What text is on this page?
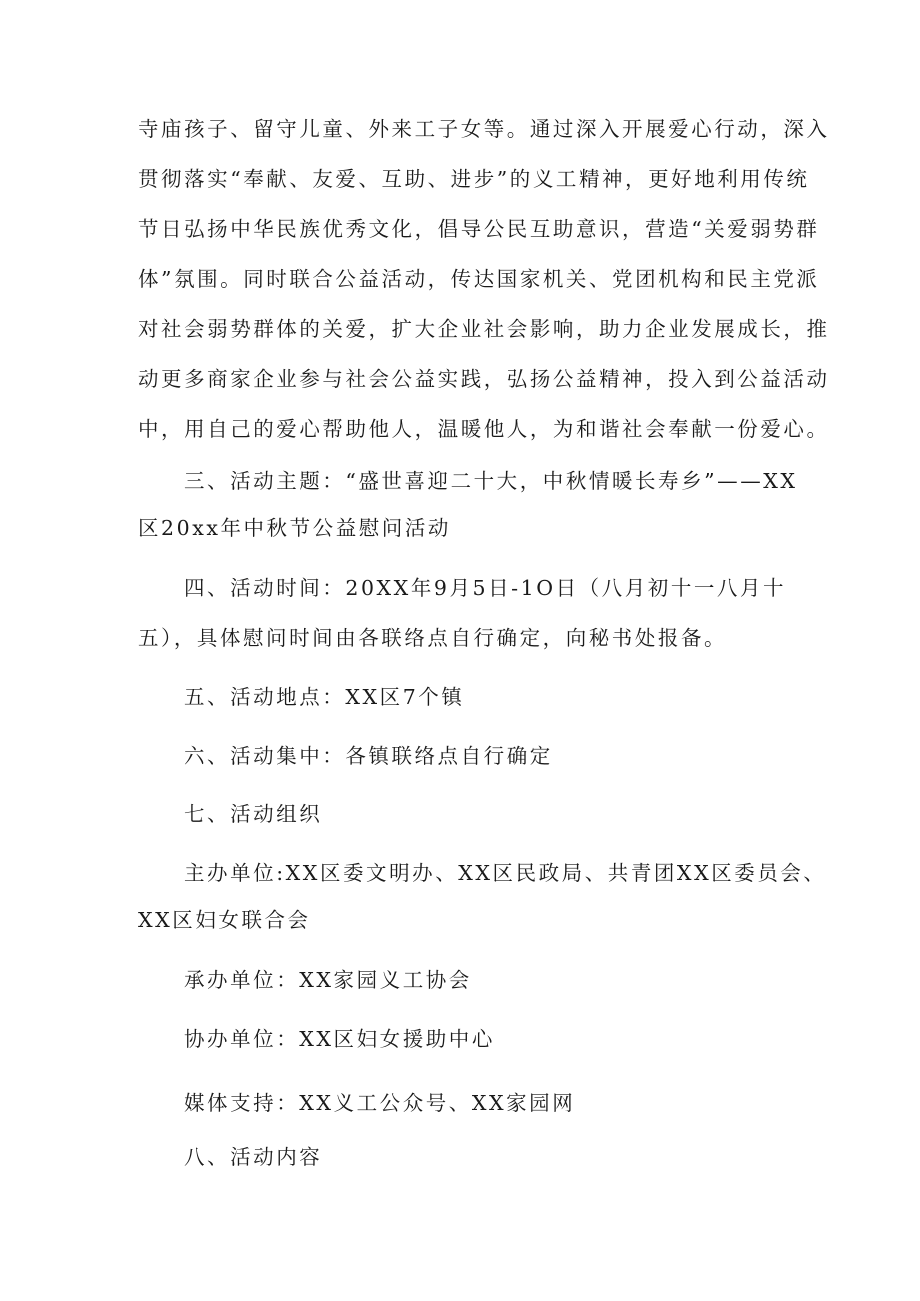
寺庙孩子、留守儿童、外来工子女等。通过深入开展爱心行动，深入
贯彻落实“奉献、友爱、互助、进步”的义工精神，更好地利用传统
节日弘扬中华民族优秀文化，倡导公民互助意识，营造“关爱弱势群
体”氛围。同时联合公益活动，传达国家机关、党团机构和民主党派
对社会弱势群体的关爱，扩大企业社会影响，助力企业发展成长，推
动更多商家企业参与社会公益实践，弘扬公益精神，投入到公益活动
中，用自己的爱心帮助他人，温暖他人，为和谐社会奉献一份爱心。
三、活动主题：“盛世喜迎二十大，中秋情暖长寿乡”——XX
区20xx年中秋节公益慰问活动
四、活动时间：20XX年9月5日-1O日（八月初十一八月十
五），具体慰问时间由各联络点自行确定，向秘书处报备。
五、活动地点：XX区7个镇
六、活动集中：各镇联络点自行确定
七、活动组织
主办单位:XX区委文明办、XX区民政局、共青团XX区委员会、
XX区妇女联合会
承办单位：XX家园义工协会
协办单位：XX区妇女援助中心
媒体支持：XX义工公众号、XX家园网
八、活动内容
